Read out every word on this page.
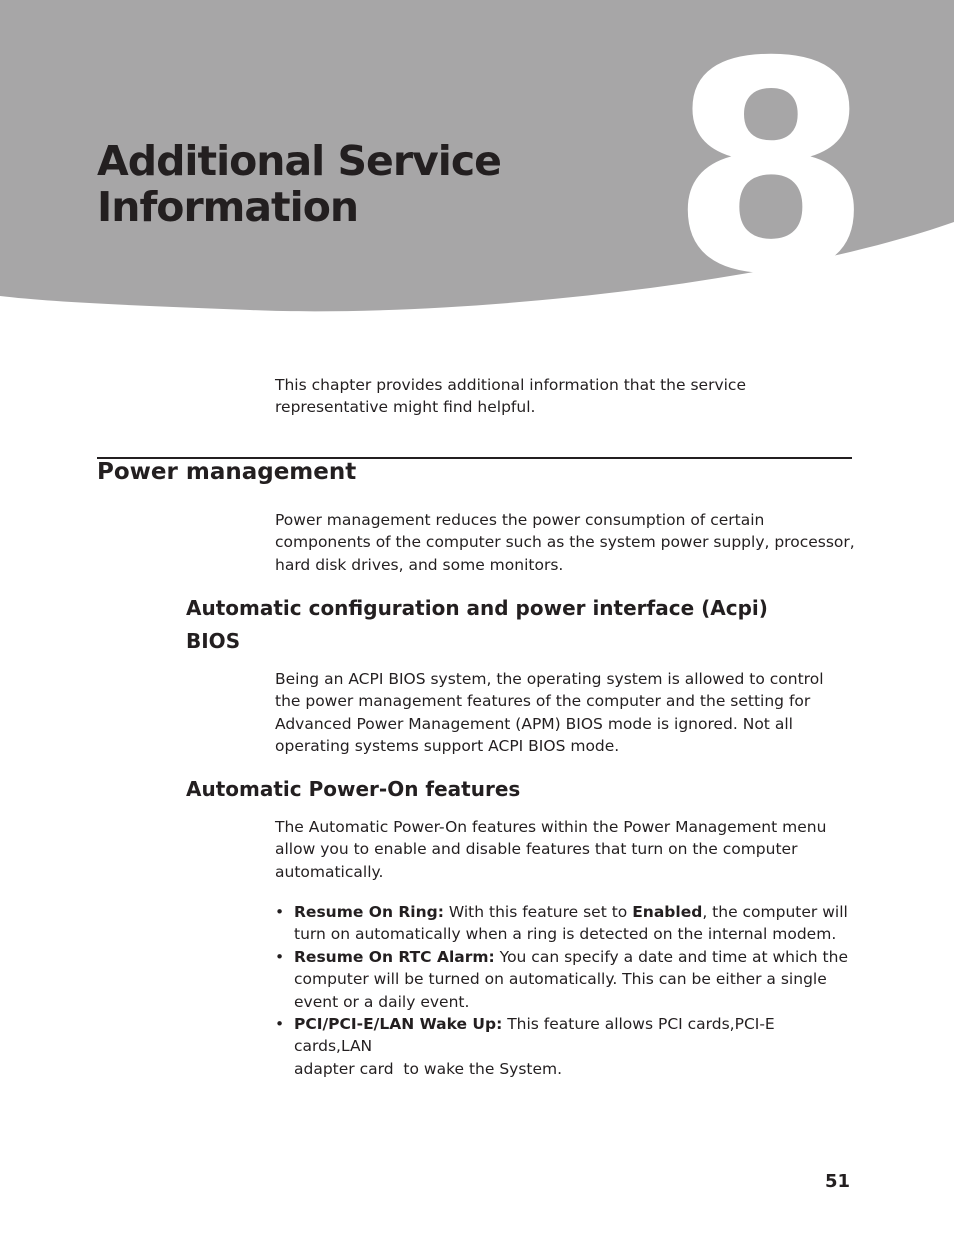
8
Additional Service
Information

This chapter provides additional information that the service
representative might find helpful.

Power management

Power management reduces the power consumption of certain
components of the computer such as the system power supply, processor,
hard disk drives, and some monitors.

Automatic configuration and power interface (Acpi)
BIOS

Being an ACPI BIOS system, the operating system is allowed to control
the power management features of the computer and the setting for
Advanced Power Management (APM) BIOS mode is ignored. Not all
operating systems support ACPI BIOS mode.

Automatic Power-On features

The Automatic Power-On features within the Power Management menu
allow you to enable and disable features that turn on the computer
automatically.

• Resume On Ring: With this feature set to Enabled, the computer will
turn on automatically when a ring is detected on the internal modem.
• Resume On RTC Alarm: You can specify a date and time at which the
computer will be turned on automatically. This can be either a single
event or a daily event.
• PCI/PCI-E/LAN Wake Up: This feature allows PCI cards,PCI-E cards,LAN
adapter card  to wake the System.
51
